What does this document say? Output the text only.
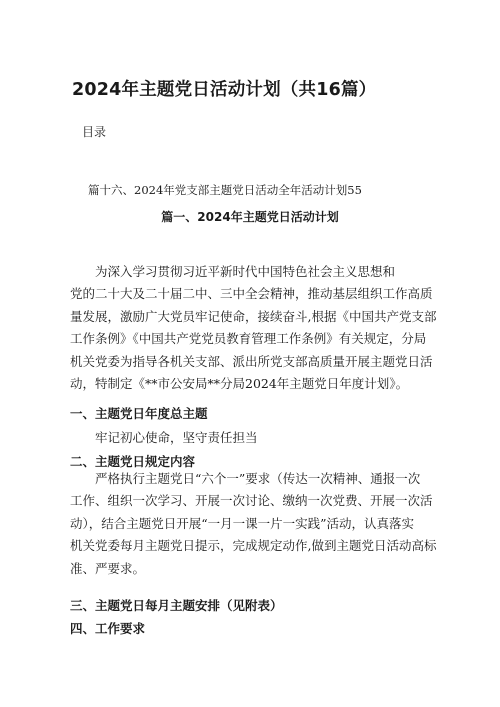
2024年主题党日活动计划（共16篇）
目录
篇十六、2024年党支部主题党日活动全年活动计划55
篇一、2024年主题党日活动计划
为深入学习贯彻习近平新时代中国特色社会主义思想和
党的二十大及二十届二中、三中全会精神，推动基层组织工作高质
量发展，激励广大党员牢记使命，接续奋斗,根据《中国共产党支部
工作条例》《中国共产党党员教育管理工作条例》有关规定，分局
机关党委为指导各机关支部、派出所党支部高质量开展主题党日活
动，特制定《**市公安局**分局2024年主题党日年度计划》。
一、主题党日年度总主题
牢记初心使命，坚守责任担当
二、主题党日规定内容
严格执行主题党日“六个一”要求（传达一次精神、通报一次
工作、组织一次学习、开展一次讨论、缴纳一次党费、开展一次活
动），结合主题党日开展“一月一课一片一实践”活动，认真落实
机关党委每月主题党日提示，完成规定动作,做到主题党日活动高标
准、严要求。
三、主题党日每月主题安排（见附表）
四、工作要求
